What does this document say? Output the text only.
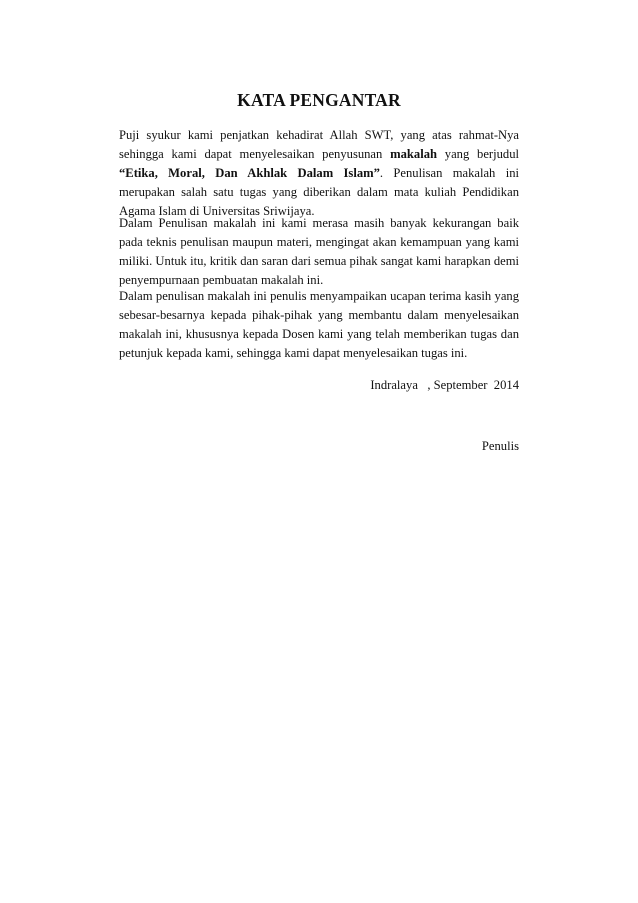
KATA PENGANTAR

Puji syukur kami penjatkan kehadirat Allah SWT, yang atas rahmat-Nya sehingga kami dapat menyelesaikan penyusunan makalah yang berjudul “Etika, Moral, Dan Akhlak Dalam Islam”. Penulisan makalah ini merupakan salah satu tugas yang diberikan dalam mata kuliah Pendidikan Agama Islam di Universitas Sriwijaya.

Dalam Penulisan makalah ini kami merasa masih banyak kekurangan baik pada teknis penulisan maupun materi, mengingat akan kemampuan yang kami miliki. Untuk itu, kritik dan saran dari semua pihak sangat kami harapkan demi penyempurnaan pembuatan makalah ini.

Dalam penulisan makalah ini penulis menyampaikan ucapan terima kasih yang sebesar-besarnya kepada pihak-pihak yang membantu dalam menyelesaikan makalah ini, khususnya kepada Dosen kami yang telah memberikan tugas dan petunjuk kepada kami, sehingga kami dapat menyelesaikan tugas ini.

Indralaya   , September  2014
Penulis
